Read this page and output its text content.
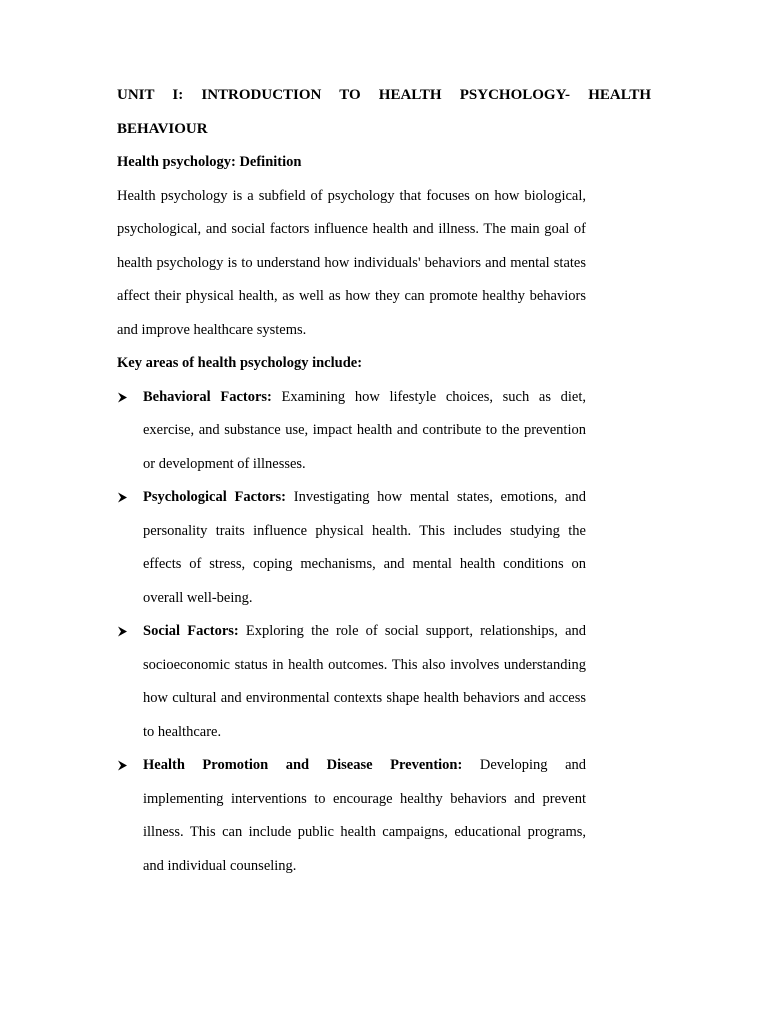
UNIT I: INTRODUCTION TO HEALTH PSYCHOLOGY- HEALTH BEHAVIOUR

Health psychology: Definition

Health psychology is a subfield of psychology that focuses on how biological, psychological, and social factors influence health and illness. The main goal of health psychology is to understand how individuals' behaviors and mental states affect their physical health, as well as how they can promote healthy behaviors and improve healthcare systems.

Key areas of health psychology include:

Behavioral Factors: Examining how lifestyle choices, such as diet, exercise, and substance use, impact health and contribute to the prevention or development of illnesses.
Psychological Factors: Investigating how mental states, emotions, and personality traits influence physical health. This includes studying the effects of stress, coping mechanisms, and mental health conditions on overall well-being.
Social Factors: Exploring the role of social support, relationships, and socioeconomic status in health outcomes. This also involves understanding how cultural and environmental contexts shape health behaviors and access to healthcare.
Health Promotion and Disease Prevention: Developing and implementing interventions to encourage healthy behaviors and prevent illness. This can include public health campaigns, educational programs, and individual counseling.
